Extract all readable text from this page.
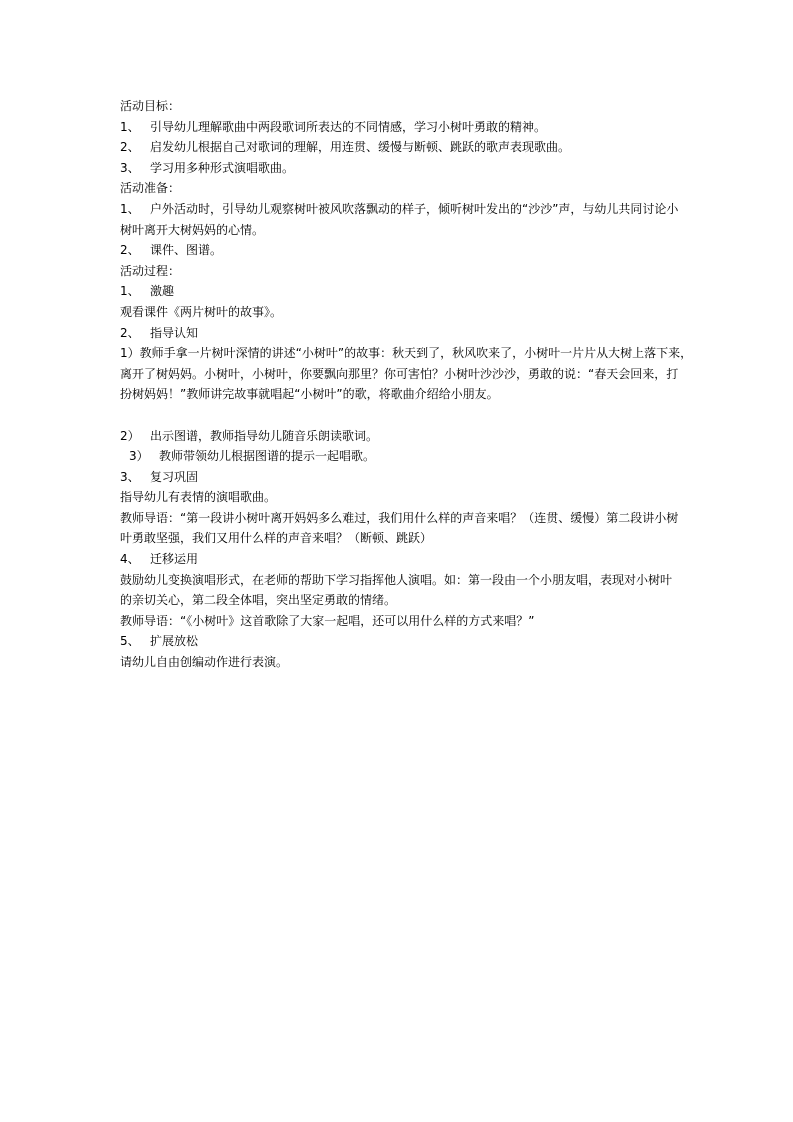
活动目标：
1、 引导幼儿理解歌曲中两段歌词所表达的不同情感，学习小树叶勇敢的精神。
2、 启发幼儿根据自己对歌词的理解，用连贯、缓慢与断顿、跳跃的歌声表现歌曲。
3、 学习用多种形式演唱歌曲。
活动准备：
1、 户外活动时，引导幼儿观察树叶被风吹落飘动的样子，倾听树叶发出的“沙沙”声，与幼儿共同讨论小
树叶离开大树妈妈的心情。
2、 课件、图谱。
活动过程：
1、 激趣
观看课件《两片树叶的故事》。
2、 指导认知
1）教师手拿一片树叶深情的讲述“小树叶”的故事：秋天到了，秋风吹来了，小树叶一片片从大树上落下来，
离开了树妈妈。小树叶，小树叶，你要飘向那里？你可害怕？小树叶沙沙沙，勇敢的说：“春天会回来，打
扮树妈妈！”教师讲完故事就唱起“小树叶”的歌，将歌曲介绍给小朋友。
2） 出示图谱，教师指导幼儿随音乐朗读歌词。
3） 教师带领幼儿根据图谱的提示一起唱歌。
3、 复习巩固
指导幼儿有表情的演唱歌曲。
教师导语：“第一段讲小树叶离开妈妈多么难过，我们用什么样的声音来唱？（连贯、缓慢）第二段讲小树
叶勇敢坚强，我们又用什么样的声音来唱？（断顿、跳跃）
4、 迁移运用
鼓励幼儿变换演唱形式，在老师的帮助下学习指挥他人演唱。如：第一段由一个小朋友唱，表现对小树叶
的亲切关心，第二段全体唱，突出坚定勇敢的情绪。
教师导语：“《小树叶》这首歌除了大家一起唱，还可以用什么样的方式来唱？”
5、 扩展放松
请幼儿自由创编动作进行表演。
